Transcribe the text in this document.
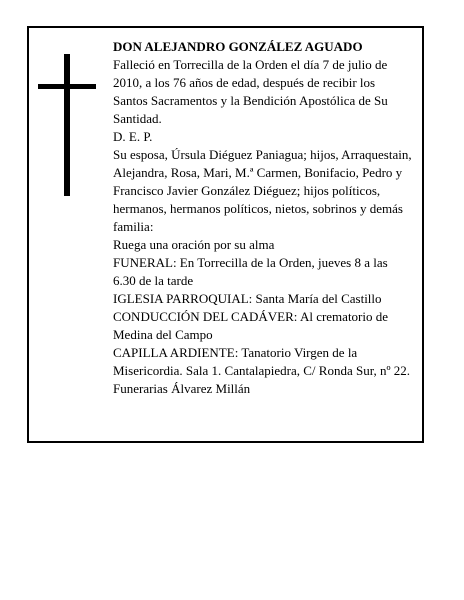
DON ALEJANDRO GONZÁLEZ AGUADO

Falleció en Torrecilla de la Orden el día 7 de julio de 2010, a los 76 años de edad, después de recibir los Santos Sacramentos y la Bendición Apostólica de Su Santidad.

D. E. P.

Su esposa, Úrsula Diéguez Paniagua; hijos, Arraquestain, Alejandra, Rosa, Mari, M.ª Carmen, Bonifacio, Pedro y Francisco Javier González Diéguez; hijos políticos, hermanos, hermanos políticos, nietos, sobrinos y demás familia:

Ruega una oración por su alma

FUNERAL: En Torrecilla de la Orden, jueves 8 a las 6.30 de la tarde

IGLESIA PARROQUIAL: Santa María del Castillo

CONDUCCIÓN DEL CADÁVER: Al crematorio de Medina del Campo

CAPILLA ARDIENTE: Tanatorio Virgen de la Misericordia. Sala 1. Cantalapiedra, C/ Ronda Sur, nº 22.

Funerarias Álvarez Millán
